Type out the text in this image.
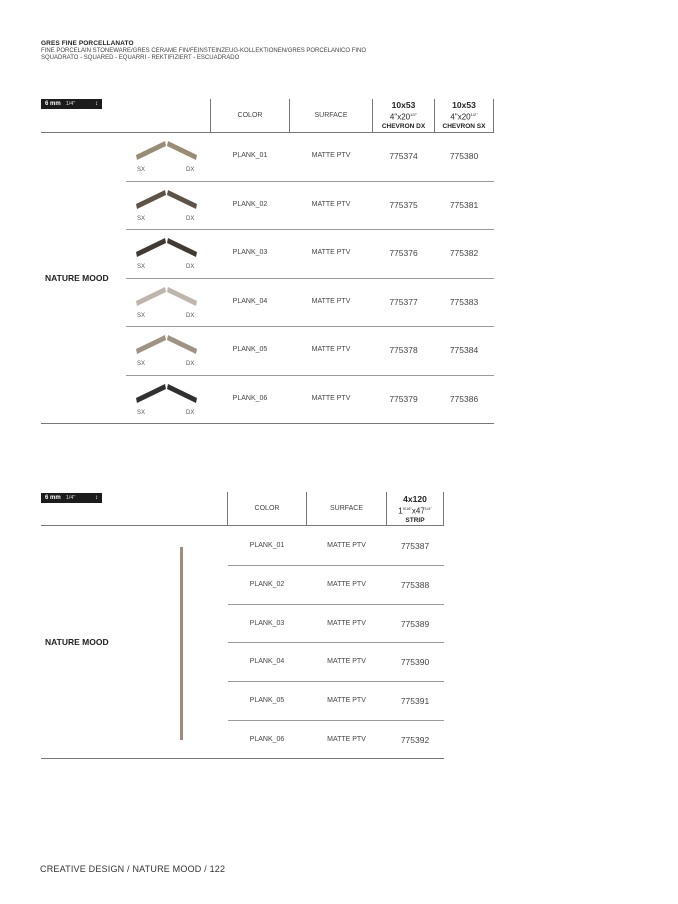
GRES FINE PORCELLANATO
FINE PORCELAIN STONEWARE/GRES CERAME FIN/FEINSTEINZEUG-KOLLEKTIONEN/GRES PORCELANICO FINO
SQUADRATO - SQUARED - EQUARRI - REKTIFIZIERT - ESCUADRADO
6 mm 1/4"	↕
COLOR	SURFACE
10x53
$4"x20^{1/2"}$
CHEVRON DX
10x53
$4"x20^{1/2"}$
CHEVRON SX
NATURE MOOD
SX	DX
PLANK_01	MATTE PTV	775374	775380
SX	DX
PLANK_02	MATTE PTV	775375	775381
SX	DX
PLANK_03	MATTE PTV	775376	775382
SX	DX
PLANK_04	MATTE PTV	775377	775383
SX	DX
PLANK_05	MATTE PTV	775378	775384
SX	DX
PLANK_06	MATTE PTV	775379	775386
6 mm 1/4"	↕
COLOR	SURFACE
4x120
$1^{9/16"}x47^{1/4"}$
STRIP
NATURE MOOD
PLANK_01	MATTE PTV	775387
PLANK_02	MATTE PTV	775388
PLANK_03	MATTE PTV	775389
PLANK_04	MATTE PTV	775390
PLANK_05	MATTE PTV	775391
PLANK_06	MATTE PTV	775392
CREATIVE DESIGN / NATURE MOOD / 122
